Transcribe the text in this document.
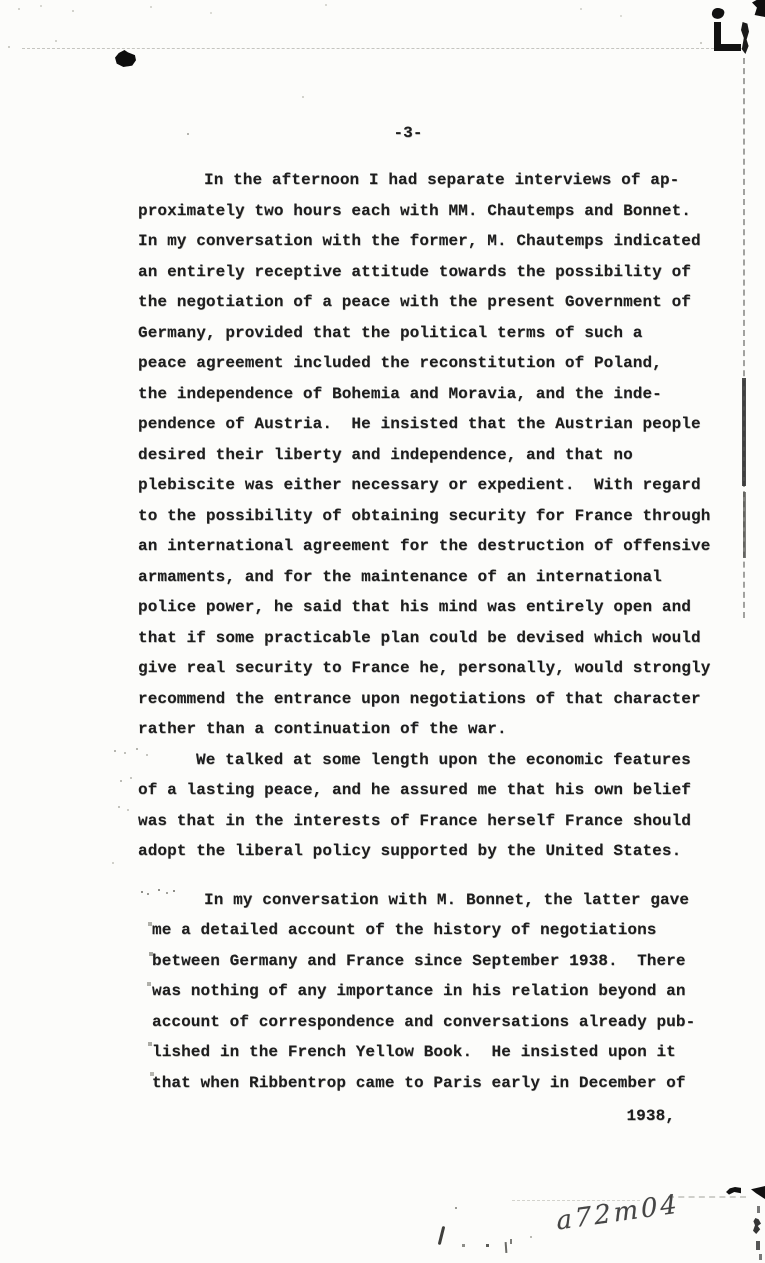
-3-
In the afternoon I had separate interviews of ap-
proximately two hours each with MM. Chautemps and Bonnet.
In my conversation with the former, M. Chautemps indicated
an entirely receptive attitude towards the possibility of
the negotiation of a peace with the present Government of
Germany, provided that the political terms of such a
peace agreement included the reconstitution of Poland,
the independence of Bohemia and Moravia, and the inde-
pendence of Austria.  He insisted that the Austrian people
desired their liberty and independence, and that no
plebiscite was either necessary or expedient.  With regard
to the possibility of obtaining security for France through
an international agreement for the destruction of offensive
armaments, and for the maintenance of an international
police power, he said that his mind was entirely open and
that if some practicable plan could be devised which would
give real security to France he, personally, would strongly
recommend the entrance upon negotiations of that character
rather than a continuation of the war.
We talked at some length upon the economic features
of a lasting peace, and he assured me that his own belief
was that in the interests of France herself France should
adopt the liberal policy supported by the United States.
In my conversation with M. Bonnet, the latter gave
me a detailed account of the history of negotiations
between Germany and France since September 1938.  There
was nothing of any importance in his relation beyond an
account of correspondence and conversations already pub-
lished in the French Yellow Book.  He insisted upon it
that when Ribbentrop came to Paris early in December of
1938,
a72m04
